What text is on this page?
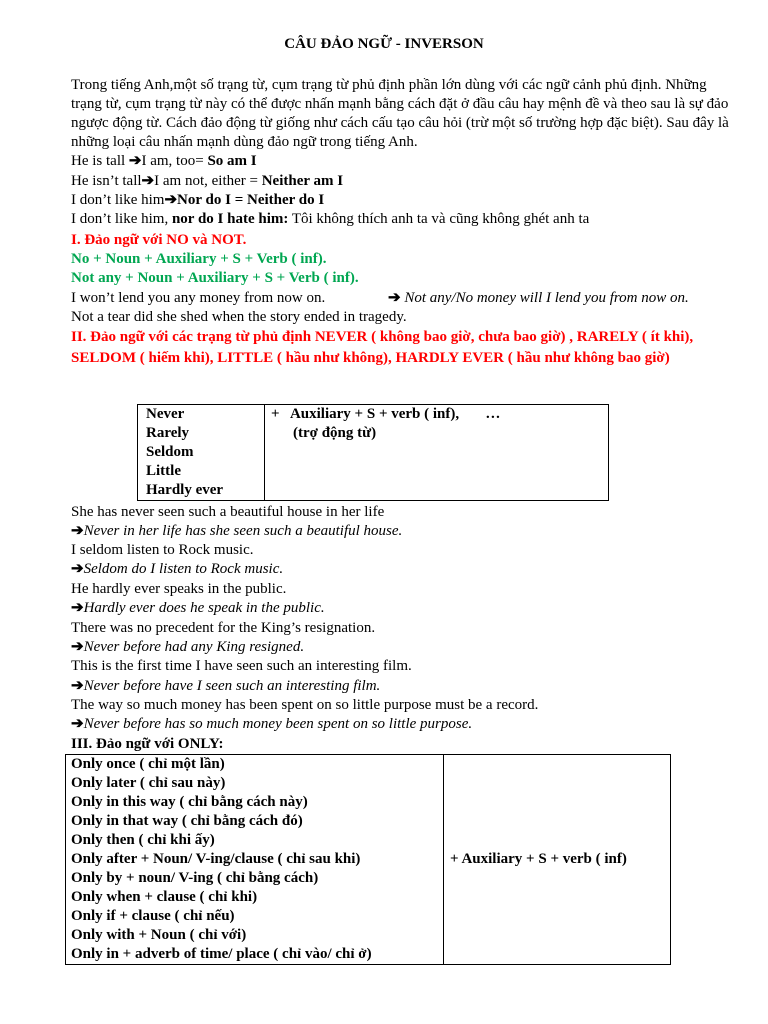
CÂU ĐẢO NGỮ - INVERSON
Trong tiếng Anh,một số trạng từ, cụm trạng từ phủ định phần lớn dùng với các ngữ cảnh phủ định. Những trạng từ, cụm trạng từ này có thể được nhấn mạnh bằng cách đặt ở đầu câu hay mệnh đề và theo sau là sự đảo ngược động từ. Cách đảo động từ giống như cách cấu tạo câu hỏi (trừ một số trường hợp đặc biệt). Sau đây là những loại câu nhấn mạnh dùng đảo ngữ trong tiếng Anh.
He is tall ➔I am, too= So am I
He isn’t tall➔I am not, either = Neither am I
I don’t like him➔Nor do I = Neither do I
I don’t like him, nor do I hate him: Tôi không thích anh ta và cũng không ghét anh ta
I. Đảo ngữ với NO và NOT.
No + Noun + Auxiliary + S + Verb ( inf).
Not any + Noun + Auxiliary + S + Verb ( inf).
I won’t lend you any money from now on.	➔ Not any/No money will I lend you from now on.
Not a tear did she shed when the story ended in tragedy.
II. Đảo ngữ với các trạng từ phủ định NEVER ( không bao giờ, chưa bao giờ) , RARELY ( ít khi), SELDOM ( hiếm khi), LITTLE ( hầu như không), HARDLY EVER ( hầu như không bao giờ)
Never
Rarely
Seldom
Little
Hardly ever

+   Auxiliary + S + verb ( inf),       …
(trợ động từ)
She has never seen such a beautiful house in her life
➔Never in her life has she seen such a beautiful house.
I seldom listen to Rock music.
➔Seldom do I listen to Rock music.
He hardly ever speaks in the public.
➔Hardly ever does he speak in the public.
There was no precedent for the King’s resignation.
➔Never before had any King resigned.
This is the first time I have seen such an interesting film.
➔Never before have I seen such an interesting film.
The way so much money has been spent on so little purpose must be a record.
➔Never before has so much money been spent on so little purpose.
III. Đảo ngữ với ONLY:
Only once ( chỉ một lần)
Only later ( chỉ sau này)
Only in this way ( chỉ bằng cách này)
Only in that way ( chỉ bằng cách đó)
Only then ( chỉ khi ấy)
Only after + Noun/ V-ing/clause ( chỉ sau khi)
Only by + noun/ V-ing ( chỉ bằng cách)
Only when + clause ( chỉ khi)
Only if + clause ( chỉ nếu)
Only with + Noun ( chỉ với)
Only in + adverb of time/ place ( chỉ vào/ chỉ ở)

+ Auxiliary + S + verb ( inf)
